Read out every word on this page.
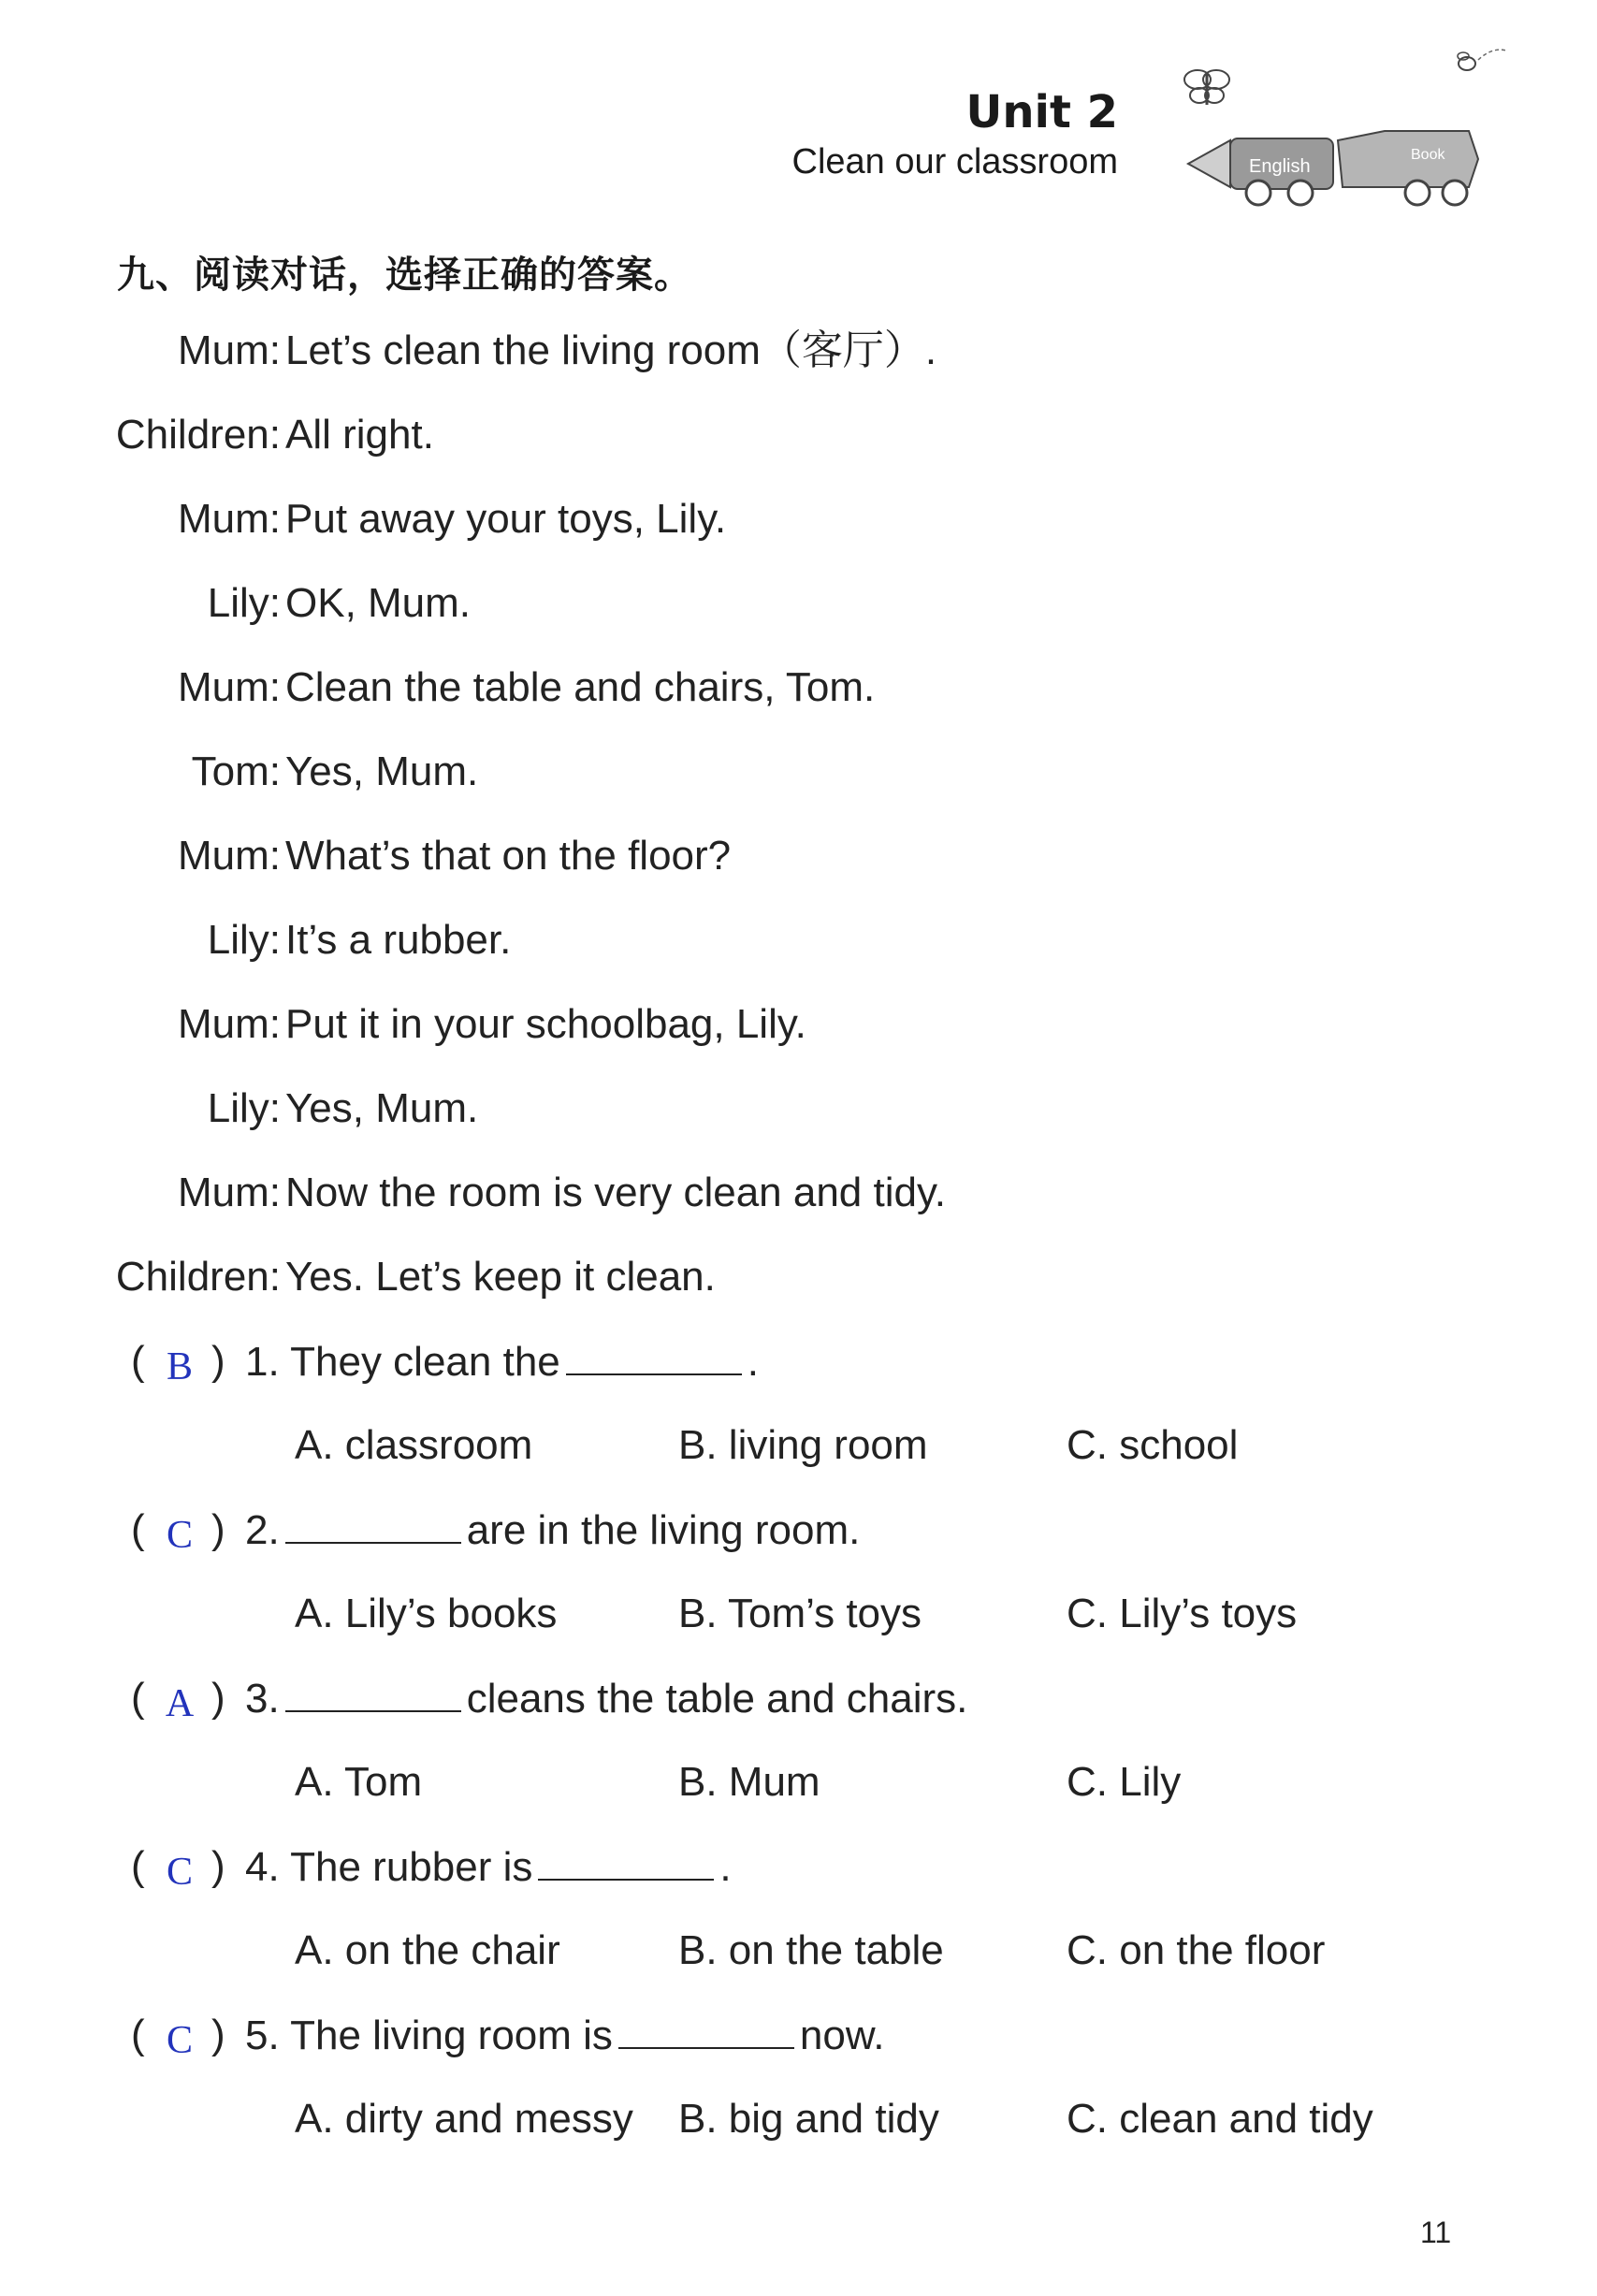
Unit 2
Clean our classroom	English
Book
九、阅读对话，选择正确的答案。
Mum: Let’s clean the living room（客厅）.
Children: All right.
Mum: Put away your toys, Lily.
Lily: OK, Mum.
Mum: Clean the table and chairs, Tom.
Tom: Yes, Mum.
Mum: What’s that on the floor?
Lily: It’s a rubber.
Mum: Put it in your schoolbag, Lily.
Lily: Yes, Mum.
Mum: Now the room is very clean and tidy.
Children: Yes. Let’s keep it clean.
( B ) 1. They clean the	.
A. classroom	B. living room	C. school
( C ) 2.	are in the living room.
A. Lily’s books	B. Tom’s toys	C. Lily’s toys
( A ) 3.	cleans the table and chairs.
A. Tom	B. Mum	C. Lily
( C ) 4. The rubber is	.
A. on the chair	B. on the table	C. on the floor
( C ) 5. The living room is	now.
A. dirty and messy B. big and tidy	C. clean and tidy
11
